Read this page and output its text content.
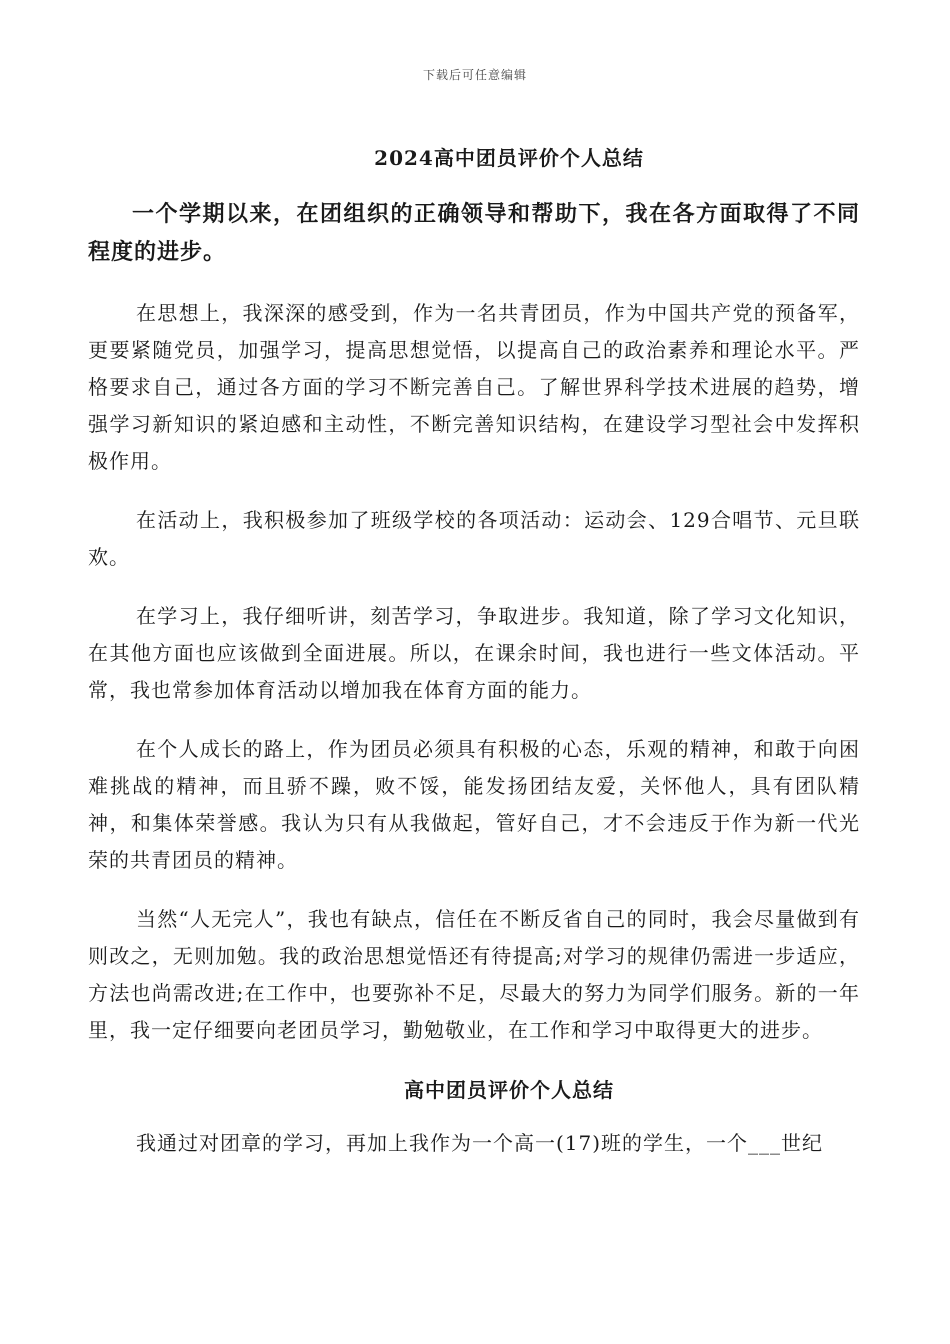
下载后可任意编辑
2024高中团员评价个人总结

一个学期以来，在团组织的正确领导和帮助下，我在各方面取得了不同程度的进步。

在思想上，我深深的感受到，作为一名共青团员，作为中国共产党的预备军，更要紧随党员，加强学习，提高思想觉悟，以提高自己的政治素养和理论水平。严格要求自己，通过各方面的学习不断完善自己。了解世界科学技术进展的趋势，增强学习新知识的紧迫感和主动性，不断完善知识结构，在建设学习型社会中发挥积极作用。

在活动上，我积极参加了班级学校的各项活动：运动会、129合唱节、元旦联欢。

在学习上，我仔细听讲，刻苦学习，争取进步。我知道，除了学习文化知识，在其他方面也应该做到全面进展。所以，在课余时间，我也进行一些文体活动。平常，我也常参加体育活动以增加我在体育方面的能力。

在个人成长的路上，作为团员必须具有积极的心态，乐观的精神，和敢于向困难挑战的精神，而且骄不躁，败不馁，能发扬团结友爱，关怀他人，具有团队精神，和集体荣誉感。我认为只有从我做起，管好自己，才不会违反于作为新一代光荣的共青团员的精神。

当然“人无完人”，我也有缺点，信任在不断反省自己的同时，我会尽量做到有则改之，无则加勉。我的政治思想觉悟还有待提高;对学习的规律仍需进一步适应，方法也尚需改进;在工作中，也要弥补不足，尽最大的努力为同学们服务。新的一年里，我一定仔细要向老团员学习，勤勉敬业，在工作和学习中取得更大的进步。

高中团员评价个人总结

我通过对团章的学习，再加上我作为一个高一(17)班的学生，一个___世纪
